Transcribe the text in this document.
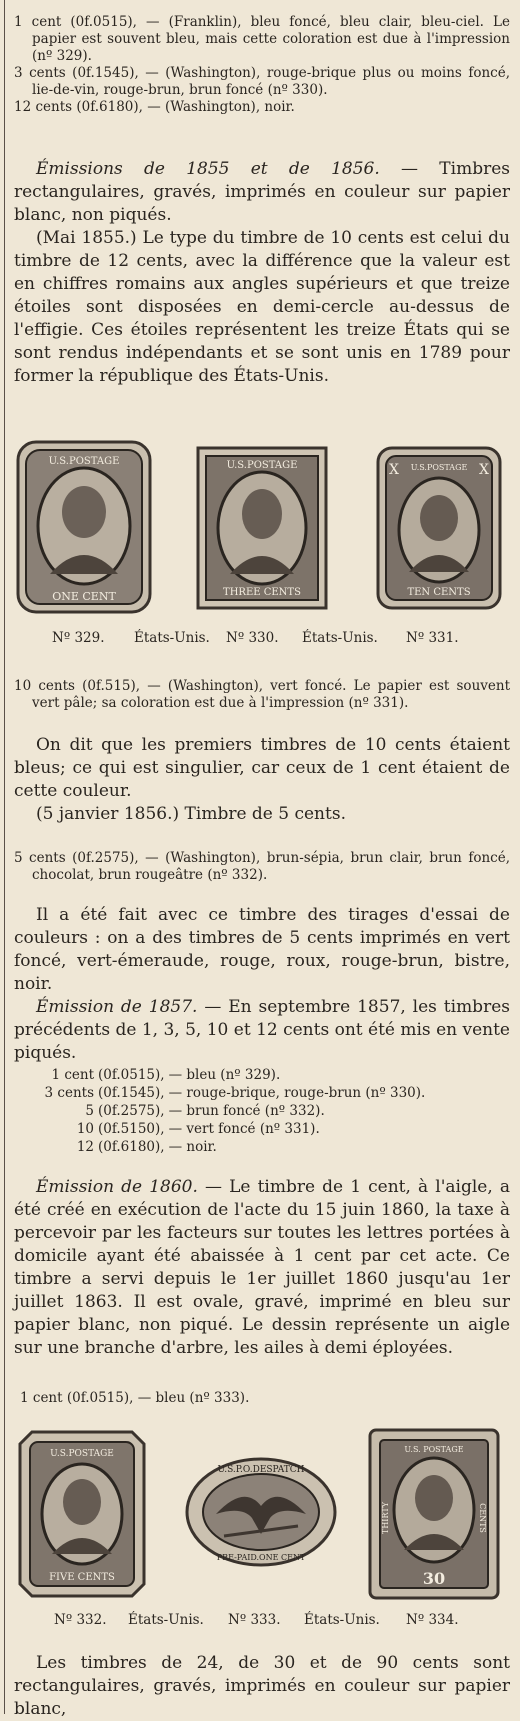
1 cent (0f.0515), — (Franklin), bleu foncé, bleu clair, bleu-ciel. Le papier est souvent bleu, mais cette coloration est due à l'impression (nº 329).

3 cents (0f.1545), — (Washington), rouge-brique plus ou moins foncé, lie-de-vin, rouge-brun, brun foncé (nº 330).

12 cents (0f.6180), — (Washington), noir.

Émissions de 1855 et de 1856. — Timbres rectangulaires, gravés, imprimés en couleur sur papier blanc, non piqués.

(Mai 1855.) Le type du timbre de 10 cents est celui du timbre de 12 cents, avec la différence que la valeur est en chiffres romains aux angles supérieurs et que treize étoiles sont disposées en demi-cercle au-dessus de l'effigie. Ces étoiles représentent les treize États qui se sont rendus indépendants et se sont unis en 1789 pour former la république des États-Unis.

U.S.POSTAGE
ONE CENT
U.S.POSTAGE
THREE CENTS
X	X
U.S.POSTAGE
TEN CENTS
Nº 329. États-Unis. Nº 330. États-Unis. Nº 331.

10 cents (0f.515), — (Washington), vert foncé. Le papier est souvent vert pâle; sa coloration est due à l'impression (nº 331).

On dit que les premiers timbres de 10 cents étaient bleus; ce qui est singulier, car ceux de 1 cent étaient de cette couleur.

(5 janvier 1856.) Timbre de 5 cents.

5 cents (0f.2575), — (Washington), brun-sépia, brun clair, brun foncé, chocolat, brun rougeâtre (nº 332).

Il a été fait avec ce timbre des tirages d'essai de couleurs : on a des timbres de 5 cents imprimés en vert foncé, vert-émeraude, rouge, roux, rouge-brun, bistre, noir.

Émission de 1857. — En septembre 1857, les timbres précédents de 1, 3, 5, 10 et 12 cents ont été mis en vente piqués.

1 cent	(0f.0515),	— bleu (nº 329).
3 cents	(0f.1545),	— rouge-brique, rouge-brun (nº 330).
5	(0f.2575),	— brun foncé (nº 332).
10	(0f.5150),	— vert foncé (nº 331).
12	(0f.6180),	— noir.

Émission de 1860. — Le timbre de 1 cent, à l'aigle, a été créé en exécution de l'acte du 15 juin 1860, la taxe à percevoir par les facteurs sur toutes les lettres portées à domicile ayant été abaissée à 1 cent par cet acte. Ce timbre a servi depuis le 1er juillet 1860 jusqu'au 1er juillet 1863. Il est ovale, gravé, imprimé en bleu sur papier blanc, non piqué. Le dessin représente un aigle sur une branche d'arbre, les ailes à demi éployées.

1 cent (0f.0515), — bleu (nº 333).

U.S.POSTAGE
FIVE CENTS
U.S.P.O.DESPATCH
PRE-PAID.ONE CENT
U.S. POSTAGE
THIRTY	CENTS
30
Nº 332. États-Unis. Nº 333. États-Unis. Nº 334.

Les timbres de 24, de 30 et de 90 cents sont rectangulaires, gravés, imprimés en couleur sur papier blanc,
